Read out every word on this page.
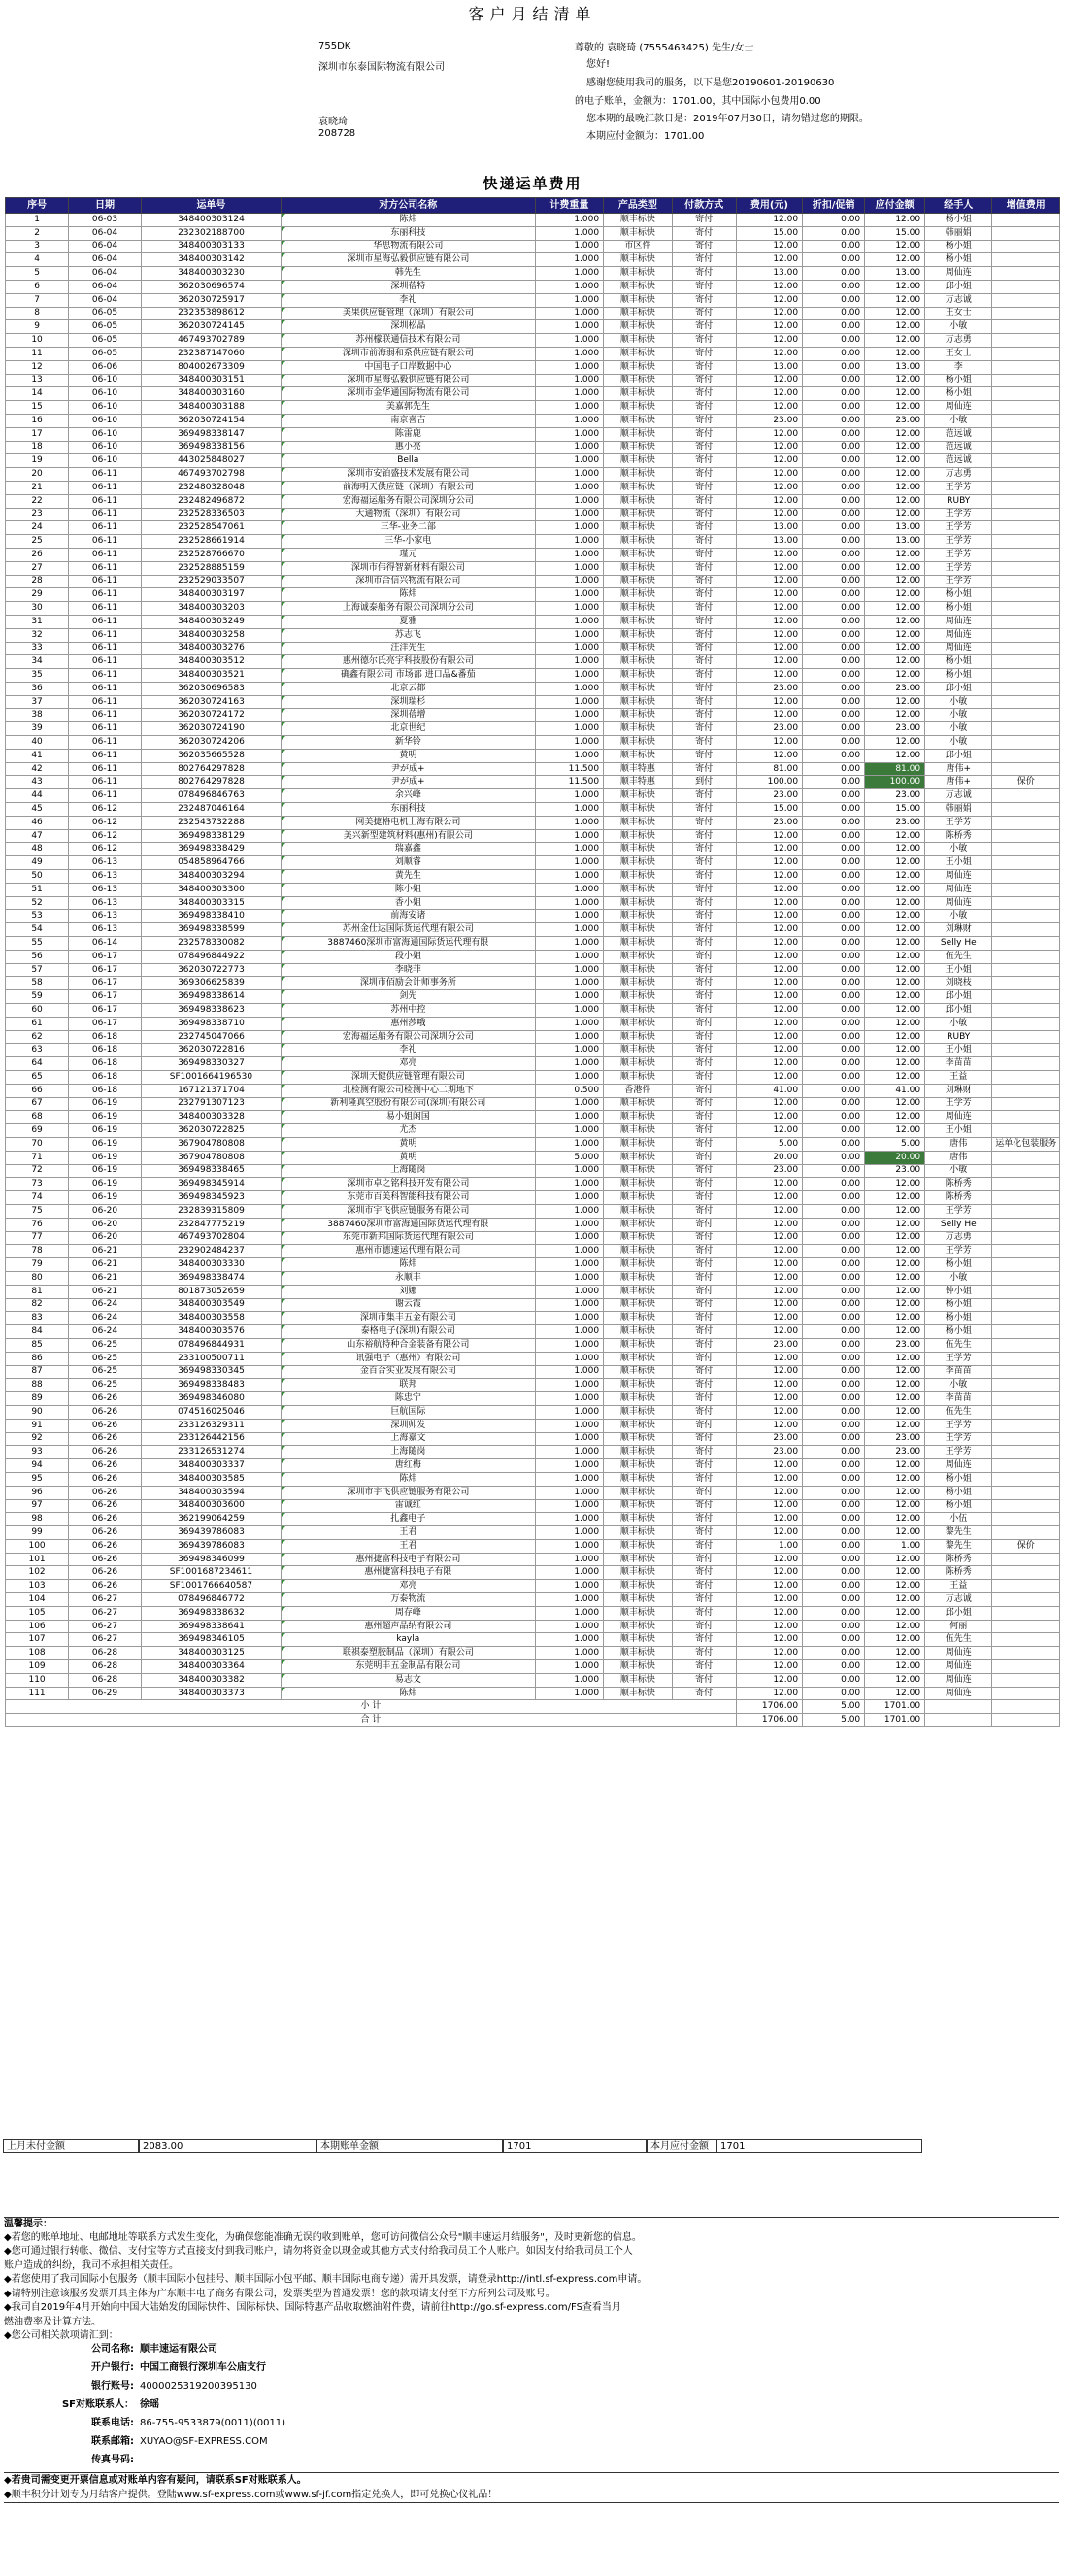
客户月结清单
755DK
深圳市东泰国际物流有限公司
袁晓琦
208728
尊敬的 袁晓琦 (7555463425) 先生/女士
您好!
感谢您使用我司的服务，以下是您20190601-20190630
的电子账单，金额为：1701.00，其中国际小包费用0.00
您本期的最晚汇款日是：2019年07月30日，请勿错过您的期限。
本期应付金额为：1701.00
快递运单费用
序号	日期	运单号	对方公司名称	计费重量	产品类型	付款方式	费用(元)	折扣/促销	应付金额	经手人	增值费用
1	06-03	348400303124	陈炜	1.000	顺丰标快	寄付	12.00	0.00	12.00	杨小姐	
2	06-04	232302188700	东丽科技	1.000	顺丰标快	寄付	15.00	0.00	15.00	韩丽娟	
3	06-04	348400303133	华思物流有限公司	1.000	市区件	寄付	12.00	0.00	12.00	杨小姐	
4	06-04	348400303142	深圳市星海弘毅供应链有限公司	1.000	顺丰标快	寄付	12.00	0.00	12.00	杨小姐	
5	06-04	348400303230	韩先生	1.000	顺丰标快	寄付	13.00	0.00	13.00	周仙连	
6	06-04	362030696574	深圳蓓特	1.000	顺丰标快	寄付	12.00	0.00	12.00	邱小姐	
7	06-04	362030725917	李礼	1.000	顺丰标快	寄付	12.00	0.00	12.00	万志诚	
8	06-05	232353898612	美果供应链管理（深圳）有限公司	1.000	顺丰标快	寄付	12.00	0.00	12.00	王女士	
9	06-05	362030724145	深圳松晶	1.000	顺丰标快	寄付	12.00	0.00	12.00	小敏	
10	06-05	467493702789	苏州檬联通信技术有限公司	1.000	顺丰标快	寄付	12.00	0.00	12.00	万志勇	
11	06-05	232387147060	深圳市前海弱和系供应链有限公司	1.000	顺丰标快	寄付	12.00	0.00	12.00	王女士	
12	06-06	804002673309	中国电子口岸数据中心	1.000	顺丰标快	寄付	13.00	0.00	13.00	李	
13	06-10	348400303151	深圳市星海弘毅供应链有限公司	1.000	顺丰标快	寄付	12.00	0.00	12.00	杨小姐	
14	06-10	348400303160	深圳市金华通国际物流有限公司	1.000	顺丰标快	寄付	12.00	0.00	12.00	杨小姐	
15	06-10	348400303188	美嘉郭先生	1.000	顺丰标快	寄付	12.00	0.00	12.00	周仙连	
16	06-10	362030724154	南京喜吉	1.000	顺丰标快	寄付	23.00	0.00	23.00	小敏	
17	06-10	369498338147	陈雷鹿	1.000	顺丰标快	寄付	12.00	0.00	12.00	范远诚	
18	06-10	369498338156	惠小亮	1.000	顺丰标快	寄付	12.00	0.00	12.00	范远诚	
19	06-10	443025848027	Bella	1.000	顺丰标快	寄付	12.00	0.00	12.00	范远诚	
20	06-11	467493702798	深圳市安铂盛技术发展有限公司	1.000	顺丰标快	寄付	12.00	0.00	12.00	万志勇	
21	06-11	232480328048	前海明天供应链（深圳）有限公司	1.000	顺丰标快	寄付	12.00	0.00	12.00	王学芳	
22	06-11	232482496872	宏海福运船务有限公司深圳分公司	1.000	顺丰标快	寄付	12.00	0.00	12.00	RUBY	
23	06-11	232528336503	大通物流（深圳）有限公司	1.000	顺丰标快	寄付	12.00	0.00	12.00	王学芳	
24	06-11	232528547061	三华-业务二部	1.000	顺丰标快	寄付	13.00	0.00	13.00	王学芳	
25	06-11	232528661914	三华-小家电	1.000	顺丰标快	寄付	13.00	0.00	13.00	王学芳	
26	06-11	232528766670	瑾元	1.000	顺丰标快	寄付	12.00	0.00	12.00	王学芳	
27	06-11	232528885159	深圳市伟得智新材料有限公司	1.000	顺丰标快	寄付	12.00	0.00	12.00	王学芳	
28	06-11	232529033507	深圳市合信兴物流有限公司	1.000	顺丰标快	寄付	12.00	0.00	12.00	王学芳	
29	06-11	348400303197	陈炜	1.000	顺丰标快	寄付	12.00	0.00	12.00	杨小姐	
30	06-11	348400303203	上海诚泰船务有限公司深圳分公司	1.000	顺丰标快	寄付	12.00	0.00	12.00	杨小姐	
31	06-11	348400303249	夏雅	1.000	顺丰标快	寄付	12.00	0.00	12.00	周仙连	
32	06-11	348400303258	苏志飞	1.000	顺丰标快	寄付	12.00	0.00	12.00	周仙连	
33	06-11	348400303276	汪洋先生	1.000	顺丰标快	寄付	12.00	0.00	12.00	周仙连	
34	06-11	348400303512	惠州德尔氏亮宇科技股份有限公司	1.000	顺丰标快	寄付	12.00	0.00	12.00	杨小姐	
35	06-11	348400303521	确鑫有限公司 市场部 进口品&番茄	1.000	顺丰标快	寄付	12.00	0.00	12.00	杨小姐	
36	06-11	362030696583	北京云都	1.000	顺丰标快	寄付	23.00	0.00	23.00	邱小姐	
37	06-11	362030724163	深圳瑞杉	1.000	顺丰标快	寄付	12.00	0.00	12.00	小敏	
38	06-11	362030724172	深圳蓓增	1.000	顺丰标快	寄付	12.00	0.00	12.00	小敏	
39	06-11	362030724190	北京世纪	1.000	顺丰标快	寄付	23.00	0.00	23.00	小敏	
40	06-11	362030724206	新华铃	1.000	顺丰标快	寄付	12.00	0.00	12.00	小敏	
41	06-11	362035665528	黄明	1.000	顺丰标快	寄付	12.00	0.00	12.00	邱小姐	
42	06-11	802764297828	尹が成+	11.500	顺丰特惠	寄付	81.00	0.00	81.00	唐伟+	
43	06-11	802764297828	尹が成+	11.500	顺丰特惠	到付	100.00	0.00	100.00	唐伟+	保价
44	06-11	078496846763	余兴峰	1.000	顺丰标快	寄付	23.00	0.00	23.00	万志诚	
45	06-12	232487046164	东丽科技	1.000	顺丰标快	寄付	15.00	0.00	15.00	韩丽娟	
46	06-12	232543732288	网美捷格电机上海有限公司	1.000	顺丰标快	寄付	23.00	0.00	23.00	王学芳	
47	06-12	369498338129	美兴新型建筑材料(惠州)有限公司	1.000	顺丰标快	寄付	12.00	0.00	12.00	陈桥秀	
48	06-12	369498338429	瑞嘉鑫	1.000	顺丰标快	寄付	12.00	0.00	12.00	小敏	
49	06-13	054858964766	刘顺睿	1.000	顺丰标快	寄付	12.00	0.00	12.00	王小姐	
50	06-13	348400303294	黄先生	1.000	顺丰标快	寄付	12.00	0.00	12.00	周仙连	
51	06-13	348400303300	陈小姐	1.000	顺丰标快	寄付	12.00	0.00	12.00	周仙连	
52	06-13	348400303315	香小姐	1.000	顺丰标快	寄付	12.00	0.00	12.00	周仙连	
53	06-13	369498338410	前海安诸	1.000	顺丰标快	寄付	12.00	0.00	12.00	小敏	
54	06-13	369498338599	苏州金仕达国际货运代理有限公司	1.000	顺丰标快	寄付	12.00	0.00	12.00	刘琳财	
55	06-14	232578330082	3887460深圳市富海通国际货运代理有限	1.000	顺丰标快	寄付	12.00	0.00	12.00	Selly He	
56	06-17	078496844922	段小姐	1.000	顺丰标快	寄付	12.00	0.00	12.00	伍先生	
57	06-17	362030722773	李晓菲	1.000	顺丰标快	寄付	12.00	0.00	12.00	王小姐	
58	06-17	369306625839	深圳市佰励会计师事务所	1.000	顺丰标快	寄付	12.00	0.00	12.00	刘晓枝	
59	06-17	369498338614	剑先	1.000	顺丰标快	寄付	12.00	0.00	12.00	邱小姐	
60	06-17	369498338623	苏州中控	1.000	顺丰标快	寄付	12.00	0.00	12.00	邱小姐	
61	06-17	369498338710	惠州莎哦	1.000	顺丰标快	寄付	12.00	0.00	12.00	小敏	
62	06-18	232745047066	宏海福运船务有限公司深圳分公司	1.000	顺丰标快	寄付	12.00	0.00	12.00	RUBY	
63	06-18	362030722816	李礼	1.000	顺丰标快	寄付	12.00	0.00	12.00	王小姐	
64	06-18	369498330327	邓亮	1.000	顺丰标快	寄付	12.00	0.00	12.00	李苗苗	
65	06-18	SF1001664196530	深圳天健供应链管理有限公司	1.000	顺丰标快	寄付	12.00	0.00	12.00	王益	
66	06-18	167121371704	北检测有限公司检测中心二期地下	0.500	香港件	寄付	41.00	0.00	41.00	刘琳财	
67	06-19	232791307123	新利隆真空股份有限公司(深圳)有限公司	1.000	顺丰标快	寄付	12.00	0.00	12.00	王学芳	
68	06-19	348400303328	易小姐闲国	1.000	顺丰标快	寄付	12.00	0.00	12.00	周仙连	
69	06-19	362030722825	尤杰	1.000	顺丰标快	寄付	12.00	0.00	12.00	王小姐	
70	06-19	367904780808	黄明	1.000	顺丰标快	寄付	5.00	0.00	5.00	唐伟	运单化包装服务
71	06-19	367904780808	黄明	5.000	顺丰标快	寄付	20.00	0.00	20.00	唐伟	
72	06-19	369498338465	上海随岗	1.000	顺丰标快	寄付	23.00	0.00	23.00	小敏	
73	06-19	369498345914	深圳市卓之铭科技开发有限公司	1.000	顺丰标快	寄付	12.00	0.00	12.00	陈桥秀	
74	06-19	369498345923	东莞市百美科智能科技有限公司	1.000	顺丰标快	寄付	12.00	0.00	12.00	陈桥秀	
75	06-20	232839315809	深圳市宇飞供应链服务有限公司	1.000	顺丰标快	寄付	12.00	0.00	12.00	王学芳	
76	06-20	232847775219	3887460深圳市富海通国际货运代理有限	1.000	顺丰标快	寄付	12.00	0.00	12.00	Selly He	
77	06-20	467493702804	东莞市新邦国际货运代理有限公司	1.000	顺丰标快	寄付	12.00	0.00	12.00	万志勇	
78	06-21	232902484237	惠州市德速运代理有限公司	1.000	顺丰标快	寄付	12.00	0.00	12.00	王学芳	
79	06-21	348400303330	陈炜	1.000	顺丰标快	寄付	12.00	0.00	12.00	杨小姐	
80	06-21	369498338474	永顺丰	1.000	顺丰标快	寄付	12.00	0.00	12.00	小敏	
81	06-21	801873052659	刘娜	1.000	顺丰标快	寄付	12.00	0.00	12.00	钟小姐	
82	06-24	348400303549	谢云霞	1.000	顺丰标快	寄付	12.00	0.00	12.00	杨小姐	
83	06-24	348400303558	深圳市集丰五金有限公司	1.000	顺丰标快	寄付	12.00	0.00	12.00	杨小姐	
84	06-24	348400303576	泰格电子(深圳)有限公司	1.000	顺丰标快	寄付	12.00	0.00	12.00	杨小姐	
85	06-25	078496844931	山东裕航特种合金装备有限公司	1.000	顺丰标快	寄付	23.00	0.00	23.00	伍先生	
86	06-25	233100500711	讯强电子（惠州）有限公司	1.000	顺丰标快	寄付	12.00	0.00	12.00	王学芳	
87	06-25	369498330345	金百合实业发展有限公司	1.000	顺丰标快	寄付	12.00	0.00	12.00	李苗苗	
88	06-25	369498338483	联邦	1.000	顺丰标快	寄付	12.00	0.00	12.00	小敏	
89	06-26	369498346080	陈忠宁	1.000	顺丰标快	寄付	12.00	0.00	12.00	李苗苗	
90	06-26	074516025046	巨航国际	1.000	顺丰标快	寄付	12.00	0.00	12.00	伍先生	
91	06-26	233126329311	深圳帅发	1.000	顺丰标快	寄付	12.00	0.00	12.00	王学芳	
92	06-26	233126442156	上海嘉文	1.000	顺丰标快	寄付	23.00	0.00	23.00	王学芳	
93	06-26	233126531274	上海随岗	1.000	顺丰标快	寄付	23.00	0.00	23.00	王学芳	
94	06-26	348400303337	唐红梅	1.000	顺丰标快	寄付	12.00	0.00	12.00	周仙连	
95	06-26	348400303585	陈炜	1.000	顺丰标快	寄付	12.00	0.00	12.00	杨小姐	
96	06-26	348400303594	深圳市宇飞供应链服务有限公司	1.000	顺丰标快	寄付	12.00	0.00	12.00	杨小姐	
97	06-26	348400303600	雷诚红	1.000	顺丰标快	寄付	12.00	0.00	12.00	杨小姐	
98	06-26	362199064259	扎鑫电子	1.000	顺丰标快	寄付	12.00	0.00	12.00	小伍	
99	06-26	369439786083	王君	1.000	顺丰标快	寄付	12.00	0.00	12.00	黎先生	
100	06-26	369439786083	王君	1.000	顺丰标快	寄付	1.00	0.00	1.00	黎先生	保价
101	06-26	369498346099	惠州捷富科技电子有限公司	1.000	顺丰标快	寄付	12.00	0.00	12.00	陈桥秀	
102	06-26	SF1001687234611	惠州捷富科技电子有限	1.000	顺丰标快	寄付	12.00	0.00	12.00	陈桥秀	
103	06-26	SF1001766640587	邓亮	1.000	顺丰标快	寄付	12.00	0.00	12.00	王益	
104	06-27	078496846772	万泰物流	1.000	顺丰标快	寄付	12.00	0.00	12.00	万志诚	
105	06-27	369498338632	周存峰	1.000	顺丰标快	寄付	12.00	0.00	12.00	邱小姐	
106	06-27	369498338641	惠州超声品纳有限公司	1.000	顺丰标快	寄付	12.00	0.00	12.00	何丽	
107	06-27	369498346105	kayla	1.000	顺丰标快	寄付	12.00	0.00	12.00	伍先生	
108	06-28	348400303125	联祺泰塑胶制品（深圳）有限公司	1.000	顺丰标快	寄付	12.00	0.00	12.00	周仙连	
109	06-28	348400303364	东莞明丰五金制品有限公司	1.000	顺丰标快	寄付	12.00	0.00	12.00	周仙连	
110	06-28	348400303382	易志文	1.000	顺丰标快	寄付	12.00	0.00	12.00	周仙连	
111	06-29	348400303373	陈炜	1.000	顺丰标快	寄付	12.00	0.00	12.00	周仙连	
小 计							1706.00	5.00	1701.00		
合 计							1706.00	5.00	1701.00		
上月未付金额	2083.00	本期账单金额	1701	本月应付金额	1701
温馨提示：
◆若您的账单地址、电邮地址等联系方式发生变化，为确保您能准确无误的收到账单，您可访问微信公众号"顺丰速运月结服务"，及时更新您的信息。
◆您可通过银行转帐、微信、支付宝等方式直接支付到我司账户，请勿将资金以现金或其他方式支付给我司员工个人账户。如因支付给我司员工个人
账户造成的纠纷，我司不承担相关责任。
◆若您使用了我司国际小包服务（顺丰国际小包挂号、顺丰国际小包平邮、顺丰国际电商专递）需开具发票，请登录http://intl.sf-express.com申请。
◆请特别注意该服务发票开具主体为广东顺丰电子商务有限公司，发票类型为普通发票！您的款项请支付至下方所列公司及账号。
◆我司自2019年4月开始向中国大陆始发的国际快件、国际标快、国际特惠产品收取燃油附件费，请前往http://go.sf-express.com/FS查看当月
燃油费率及计算方法。
◆您公司相关款项请汇到：
公司名称: 顺丰速运有限公司
开户银行: 中国工商银行深圳车公庙支行
银行账号: 4000025319200395130
SF对账联系人： 徐瑶
联系电话: 86-755-9533879(0011)(0011)
联系邮箱: XUYAO@SF-EXPRESS.COM
传真号码:
◆若贵司需变更开票信息或对账单内容有疑问，请联系SF对账联系人。
◆顺丰积分计划专为月结客户提供。登陆www.sf-express.com或www.sf-jf.com指定兑换人，即可兑换心仪礼品！
